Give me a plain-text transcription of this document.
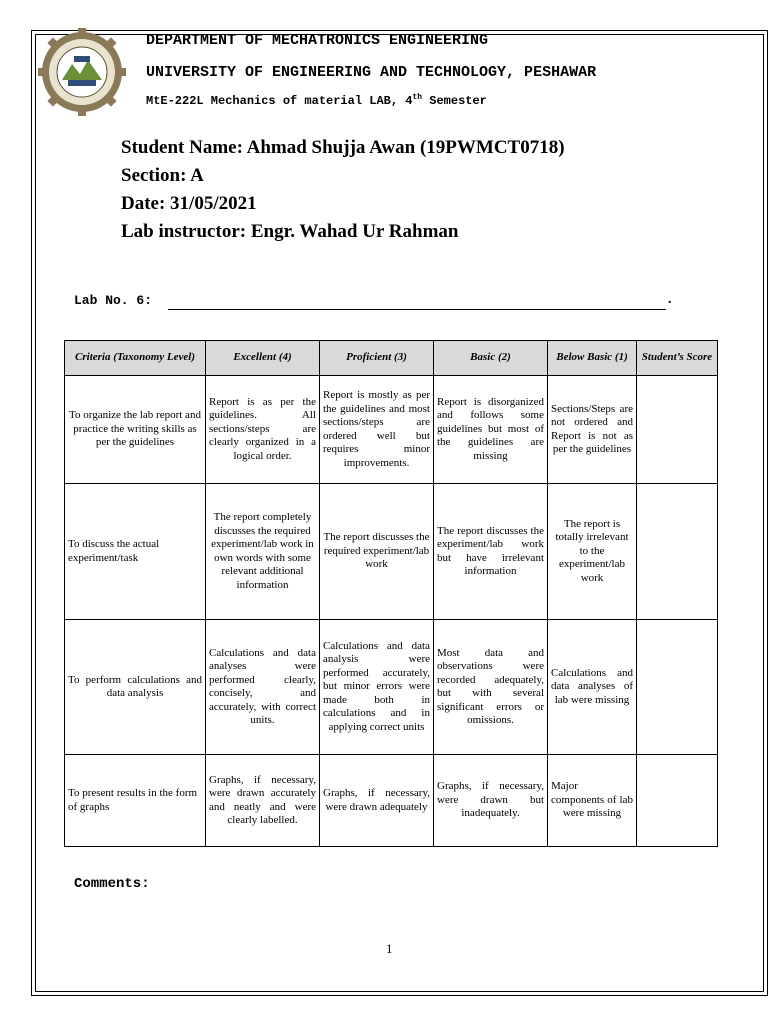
DEPARTMENT OF MECHATRONICS ENGINEERING
UNIVERSITY OF ENGINEERING AND TECHNOLOGY, PESHAWAR
MtE-222L Mechanics of material LAB, 4th Semester
Student Name: Ahmad Shujja Awan (19PWMCT0718)
Section: A
Date: 31/05/2021
Lab instructor: Engr. Wahad Ur Rahman
Lab No. 6:	.
Criteria (Taxonomy Level)	Excellent (4)	Proficient (3)	Basic (2)	Below Basic (1)	Student’s Score
To organize the lab report and practice the writing skills as per the guidelines	Report is as per the guidelines. All sections/steps are clearly organized in a logical order.	Report is mostly as per the guidelines and most sections/steps are ordered well but requires minor improvements.	Report is disorganized and follows some guidelines but most of the guidelines are missing	Sections/Steps are not ordered and Report is not as per the guidelines	
To discuss the actual experiment/task	The report completely discusses the required experiment/lab work in own words with some relevant additional information	The report discusses the required experiment/lab work	The report discusses the experiment/lab work but have irrelevant information	The report is totally irrelevant to the experiment/lab work	
To perform calculations and data analysis	Calculations and data analyses were performed clearly, concisely, and accurately, with correct units.	Calculations and data analysis were performed accurately, but minor errors were made both in calculations and in applying correct units	Most data and observations were recorded adequately, but with several significant errors or omissions.	Calculations and data analyses of lab were missing	
To present results in the form of graphs	Graphs, if necessary, were drawn accurately and neatly and were clearly labelled.	Graphs, if necessary, were drawn adequately	Graphs, if necessary, were drawn but inadequately.	Major components of lab were missing	
Comments:
1
